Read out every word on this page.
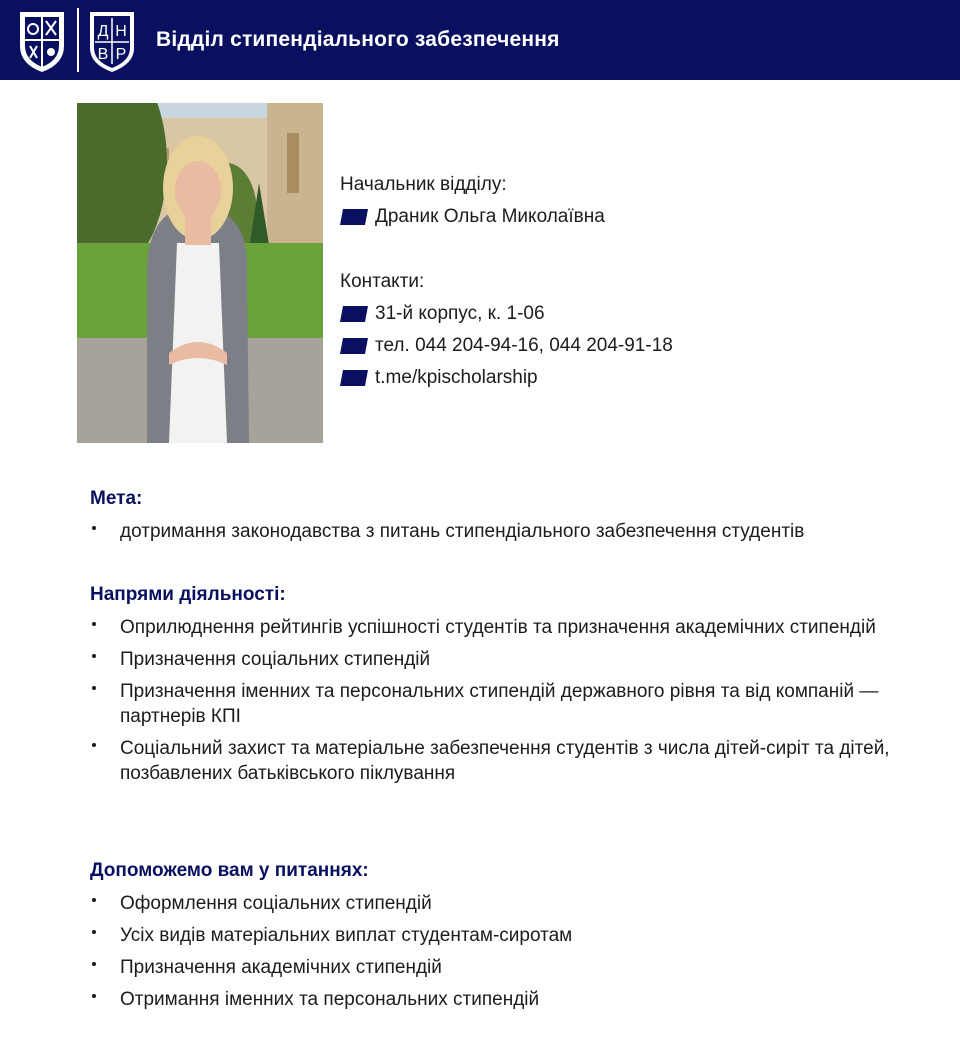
Д Н
В Р
Відділ стипендіального забезпечення
Начальник відділу:
Драник Ольга Миколаївна
Контакти:
31-й корпус, к. 1-06
тел. 044 204-94-16, 044 204-91-18
t.me/kpischolarship
Мета:
дотримання законодавства з питань стипендіального забезпечення студентів
Напрями діяльності:
Оприлюднення рейтингів успішності студентів та призначення академічних стипендій
Призначення соціальних стипендій
Призначення іменних та персональних стипендій державного рівня та від компаній — партнерів КПІ
Соціальний захист та матеріальне забезпечення студентів з числа дітей-сиріт та дітей, позбавлених батьківського піклування
Допоможемо вам у питаннях:
Оформлення соціальних стипендій
Усіх видів матеріальних виплат студентам-сиротам
Призначення академічних стипендій
Отримання іменних та персональних стипендій
